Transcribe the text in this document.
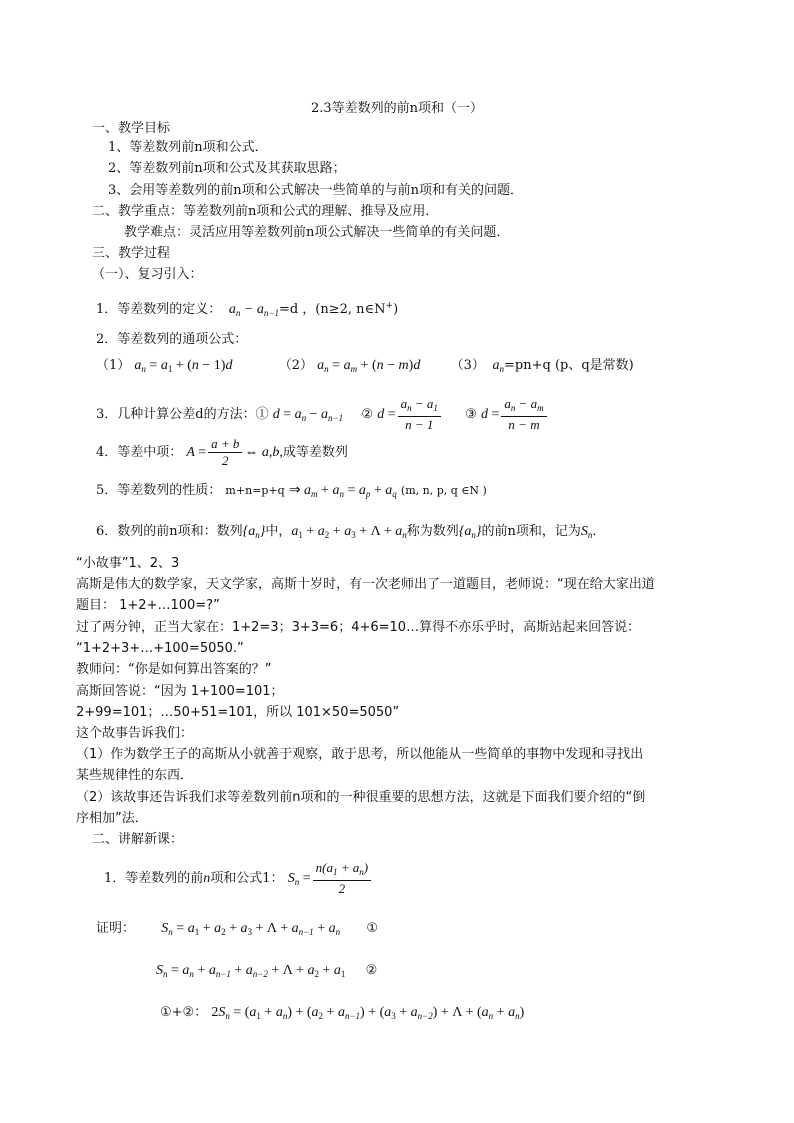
2.3等差数列的前n项和（一）
一、教学目标
1、等差数列前n项和公式．
2、等差数列前n项和公式及其获取思路；
3、会用等差数列的前n项和公式解决一些简单的与前n项和有关的问题．
二、教学重点：等差数列前n项和公式的理解、推导及应用．
教学难点：灵活应用等差数列前n项公式解决一些简单的有关问题．
三、教学过程
（一）、复习引入：
1．等差数列的定义：  $a_n - a_{n-1}=d$ ，(n≥2, n∈N+)
2．等差数列的通项公式：
（1） $a_n = a_1 + (n - 1)d$	（2） $a_n = a_m + (n - m)d$ （3）  $a_n=pn+q$ (p、q是常数)
3．几种计算公差d的方法：① $d = a_n - a_{n-1}$ ② $d = \frac{a_n - a_1}{n - 1}$ ③ $d = \frac{a_n - a_m}{n - m}$
4．等差中项： $A = \frac{a + b}{2}$ ⇔ a,b,成等差数列
5．等差数列的性质： m+n=p+q ⇒ $a_m + a_n = a_p + a_q$ (m, n, p, q ∈N )
6．数列的前n项和：数列$\{a_n\}$中，$a_1 + a_2 + a_3 + \Lambda + a_n$称为数列$\{a_n\}$的前n项和，记为$S_n$．
“小故事”1、2、3
高斯是伟大的数学家，天文学家，高斯十岁时，有一次老师出了一道题目，老师说：“现在给大家出道
题目： 1+2+…100=?”
过了两分钟，正当大家在：1+2=3；3+3=6；4+6=10…算得不亦乐乎时，高斯站起来回答说：
“1+2+3+…+100=5050.”
教师问：“你是如何算出答案的？”
高斯回答说：“因为 1+100=101；
2+99=101；…50+51=101，所以 101×50=5050”
这个故事告诉我们：
（1）作为数学王子的高斯从小就善于观察，敢于思考，所以他能从一些简单的事物中发现和寻找出
某些规律性的东西．
（2）该故事还告诉我们求等差数列前n项和的一种很重要的思想方法，这就是下面我们要介绍的“倒
序相加”法．
二、讲解新课：
1．等差数列的前n项和公式1： $S_n = \frac{n(a_1 + a_n)}{2}$
证明： $S_n = a_1 + a_2 + a_3 + \Lambda + a_{n-1} + a_n$ ①
$S_n = a_n + a_{n-1} + a_{n-2} + \Lambda + a_2 + a_1$ ②
①+②： $2S_n = (a_1 + a_n) + (a_2 + a_{n-1}) + (a_3 + a_{n-2}) + \Lambda + (a_n + a_n)$
